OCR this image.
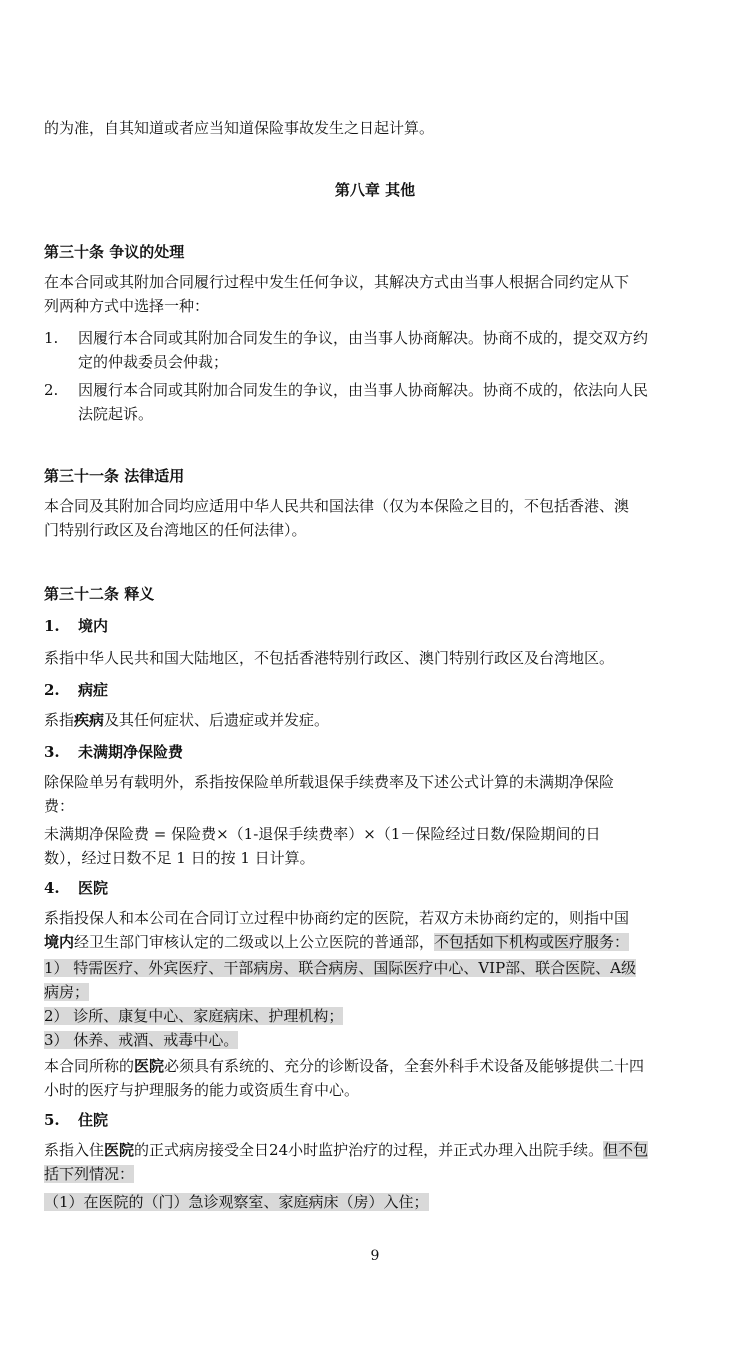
的为准，自其知道或者应当知道保险事故发生之日起计算。

第八章 其他

第三十条 争议的处理

在本合同或其附加合同履行过程中发生任何争议，其解决方式由当事人根据合同约定从下

列两种方式中选择一种：

1.	因履行本合同或其附加合同发生的争议，由当事人协商解决。协商不成的，提交双方约
定的仲裁委员会仲裁；
2.	因履行本合同或其附加合同发生的争议，由当事人协商解决。协商不成的，依法向人民
法院起诉。

第三十一条 法律适用

本合同及其附加合同均应适用中华人民共和国法律（仅为本保险之目的，不包括香港、澳

门特别行政区及台湾地区的任何法律）。

第三十二条 释义

1.	境内

系指中华人民共和国大陆地区，不包括香港特别行政区、澳门特别行政区及台湾地区。

2.	病症

系指疾病及其任何症状、后遗症或并发症。

3.	未满期净保险费

除保险单另有载明外，系指按保险单所载退保手续费率及下述公式计算的未满期净保险

费：

未满期净保险费 = 保险费×（1-退保手续费率）×（1－保险经过日数/保险期间的日

数），经过日数不足 1 日的按 1 日计算。

4.	医院

系指投保人和本公司在合同订立过程中协商约定的医院，若双方未协商约定的，则指中国

境内经卫生部门审核认定的二级或以上公立医院的普通部，不包括如下机构或医疗服务：

1） 特需医疗、外宾医疗、干部病房、联合病房、国际医疗中心、VIP部、联合医院、A级
病房；

2） 诊所、康复中心、家庭病床、护理机构；

3） 休养、戒酒、戒毒中心。

本合同所称的医院必须具有系统的、充分的诊断设备，全套外科手术设备及能够提供二十四

小时的医疗与护理服务的能力或资质生育中心。

5.	住院

系指入住医院的正式病房接受全日24小时监护治疗的过程，并正式办理入出院手续。但不包

括下列情况：

（1）在医院的（门）急诊观察室、家庭病床（房）入住；

9
